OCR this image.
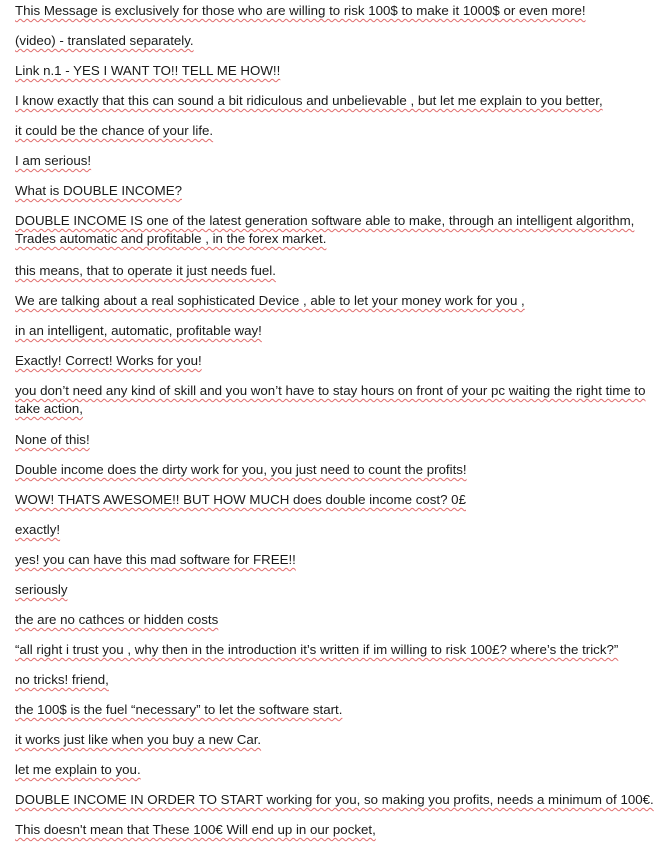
This Message is exclusively for those who are willing to risk 100$ to make it 1000$ or even more!

(video) - translated separately.

Link n.1 - YES I WANT TO!! TELL ME HOW!!

I know exactly that this can sound a bit ridiculous and unbelievable , but let me explain to you better,

it could be the chance of your life.

I am serious!

What is DOUBLE INCOME?

DOUBLE INCOME IS one of the latest generation software able to make, through an intelligent algorithm, Trades automatic and profitable , in the forex market.

this means, that to operate it just needs fuel.

We are talking about a real sophisticated Device , able to let your money work for you ,

in an intelligent, automatic, profitable way!

Exactly! Correct! Works for you!

you don’t need any kind of skill and you won’t have to stay hours on front of your pc waiting the right time to take action,

None of this!

Double income does the dirty work for you, you just need to count the profits!

WOW! THATS AWESOME!! BUT HOW MUCH does double income cost? 0£

exactly!

yes! you can have this mad software for FREE!!

seriously

the are no cathces or hidden costs

“all right i trust you , why then in the introduction it’s written if im willing to risk 100£? where’s the trick?”

no tricks! friend,

the 100$ is the fuel “necessary” to let the software start.

it works just like when you buy a new Car.

let me explain to you.

DOUBLE INCOME IN ORDER TO START working for you, so making you profits, needs a minimum of 100€.

This doesn't mean that These 100€ Will end up in our pocket,
